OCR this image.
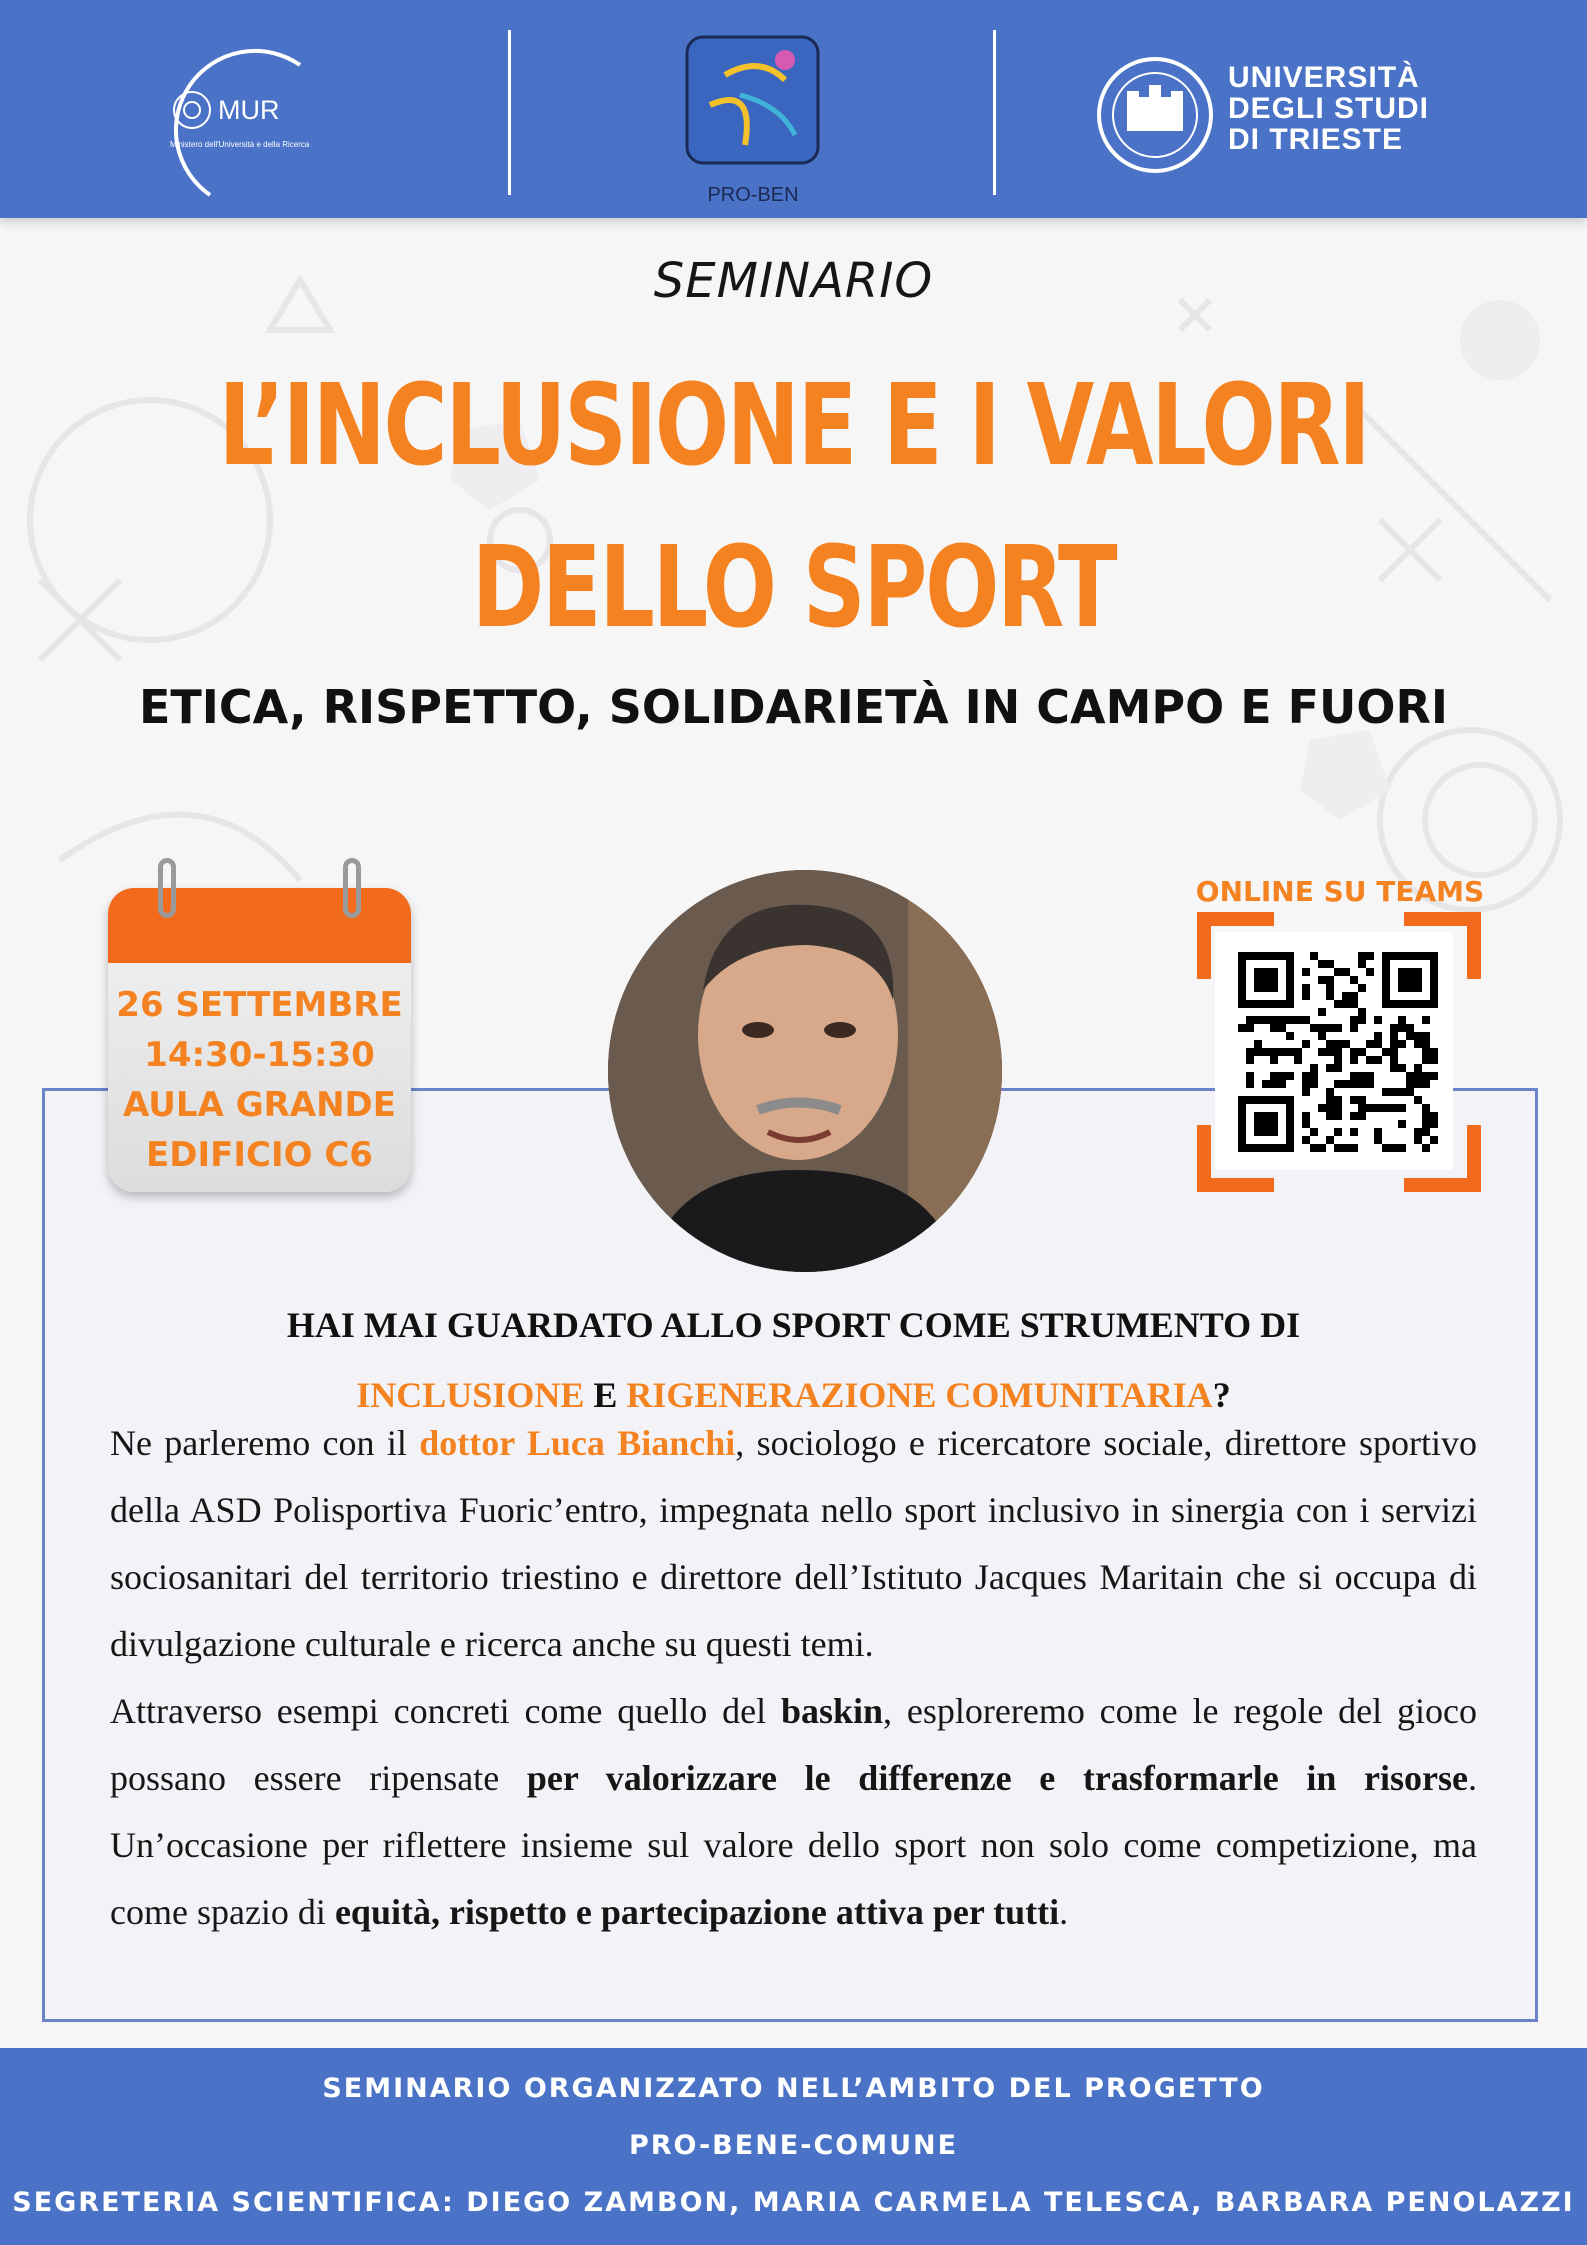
MUR
Ministero dell'Università e della Ricerca
PRO-BEN
UNIVERSITÀ
DEGLI STUDI
DI TRIESTE
SEMINARIO
L’INCLUSIONE E I VALORI
DELLO SPORT
ETICA, RISPETTO, SOLIDARIETÀ IN CAMPO E FUORI
26 SETTEMBRE
14:30-15:30
AULA GRANDE
EDIFICIO C6
ONLINE SU TEAMS
HAI MAI GUARDATO ALLO SPORT COME STRUMENTO DI
INCLUSIONE E RIGENERAZIONE COMUNITARIA?

Ne parleremo con il dottor Luca Bianchi, sociologo e ricercatore sociale, direttore sportivo della ASD Polisportiva Fuoric’entro, impegnata nello sport inclusivo in sinergia con i servizi sociosanitari del territorio triestino e direttore dell’Istituto Jacques Maritain che si occupa di divulgazione culturale e ricerca anche su questi temi.

Attraverso esempi concreti come quello del baskin, esploreremo come le regole del gioco possano essere ripensate per valorizzare le differenze e trasformarle in risorse. Un’occasione per riflettere insieme sul valore dello sport non solo come competizione, ma come spazio di equità, rispetto e partecipazione attiva per tutti.

SEMINARIO ORGANIZZATO NELL’AMBITO DEL PROGETTO
PRO-BENE-COMUNE
SEGRETERIA SCIENTIFICA: DIEGO ZAMBON, MARIA CARMELA TELESCA, BARBARA PENOLAZZI
